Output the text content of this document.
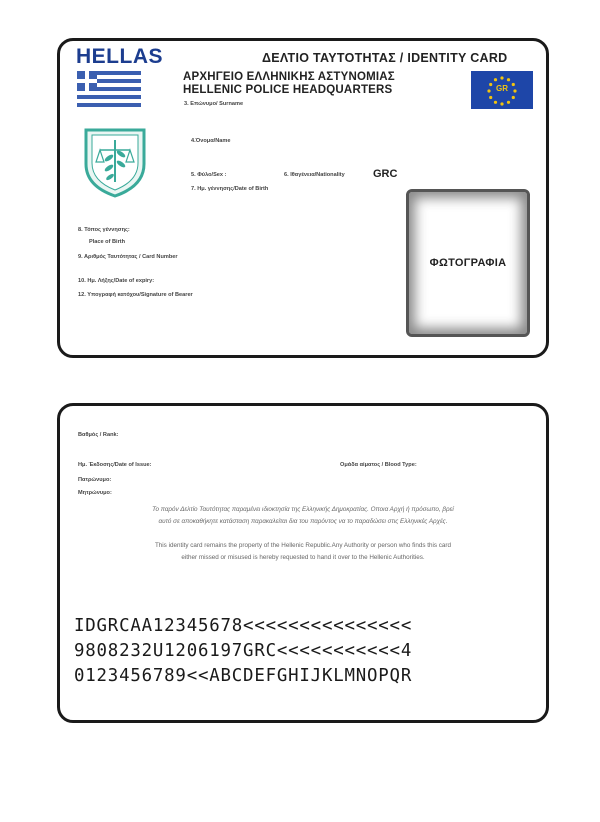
HELLAS	ΔΕΛΤΙΟ ΤΑΥΤΟΤΗΤΑΣ / IDENTITY CARD
ΑΡΧΗΓΕΙΟ ΕΛΛΗΝΙΚΗΣ ΑΣΤΥΝΟΜΙΑΣ
HELLENIC POLICE HEADQUARTERS	GR
3. Επώνυμο/ Surname
4.Όνομα/Name
5. Φύλο/Sex :	6. Ιθαγένεια/Nationality	GRC
7. Ημ. γέννησης/Date of Birth
8. Τόπος γέννησης:
Place of Birth
9. Αριθμός Ταυτότητας / Card Number
10. Ημ. Λήξης/Date of expiry:
12. Υπογραφή κατόχου/Signature of Bearer
ΦΩΤΟΓΡΑΦΙΑ
Βαθμός / Rank:
Ημ. Έκδοσης/Date of Issue:	Ομάδα αίματος / Blood Type:
Πατρώνυμο:
Μητρώνυμο:
Το παρόν Δελτίο Ταυτότητας παραμένει ιδιοκτησία της Ελληνικής Δημοκρατίας. Οποια Αρχή ή πρόσωπο, βρεί
αυτό σε αποκαθήκητε κατάσταση παρακαλείται δια του παρόντος να το παραδώσει στις Ελληνικές Αρχές.
This identity card remains the property of the Hellenic Republic.Any Authority or person who finds this card
either missed or misused is hereby requested to hand it over to the Hellenic Authorities.
IDGRCAA12345678<<<<<<<<<<<<<<<
9808232U1206197GRC<<<<<<<<<<<4
0123456789<<ABCDEFGHIJKLMNOPQR
